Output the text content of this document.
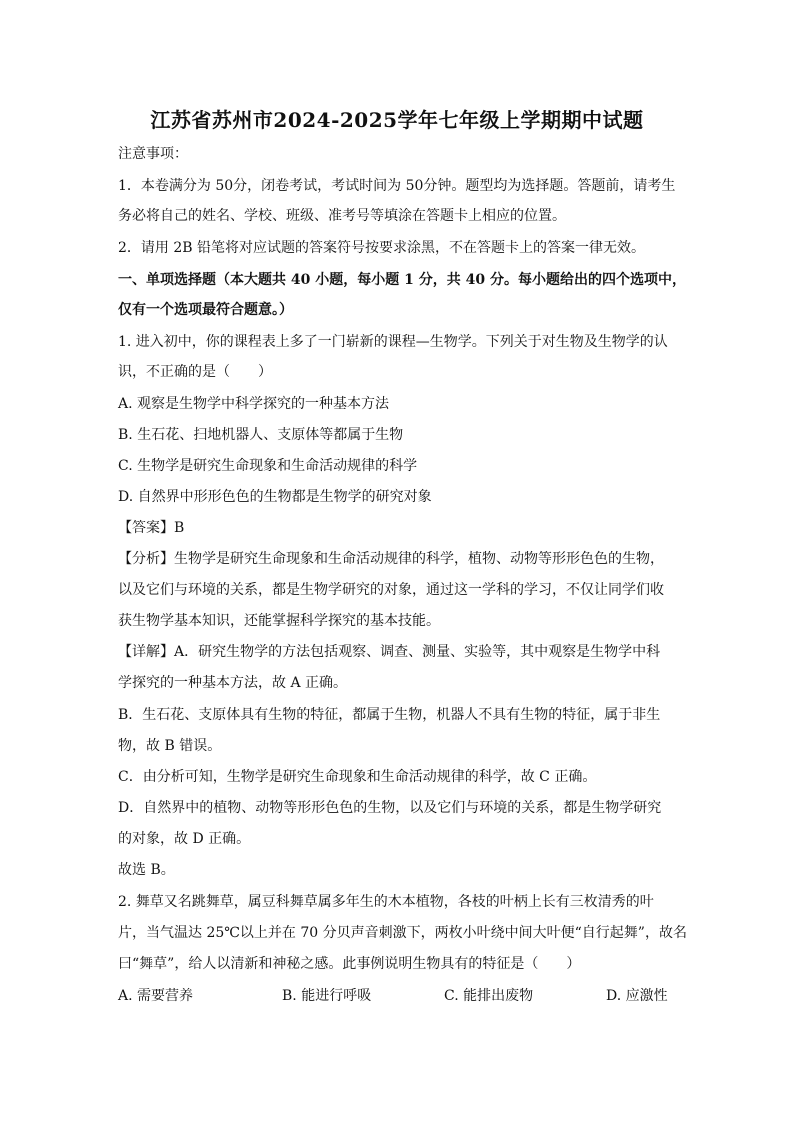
江苏省苏州市2024-2025学年七年级上学期期中试题
注意事项：
1．本卷满分为 50分，闭卷考试，考试时间为 50分钟。题型均为选择题。答题前，请考生
务必将自己的姓名、学校、班级、准考号等填涂在答题卡上相应的位置。
2．请用 2B 铅笔将对应试题的答案符号按要求涂黑，不在答题卡上的答案一律无效。
一、单项选择题（本大题共 40 小题，每小题 1 分，共 40 分。每小题给出的四个选项中，
仅有一个选项最符合题意。）
1. 进入初中，你的课程表上多了一门崭新的课程—生物学。下列关于对生物及生物学的认
识，不正确的是（　　）
A. 观察是生物学中科学探究的一种基本方法
B. 生石花、扫地机器人、支原体等都属于生物
C. 生物学是研究生命现象和生命活动规律的科学
D. 自然界中形形色色的生物都是生物学的研究对象
【答案】B
【分析】生物学是研究生命现象和生命活动规律的科学，植物、动物等形形色色的生物，
以及它们与环境的关系，都是生物学研究的对象，通过这一学科的学习，不仅让同学们收
获生物学基本知识，还能掌握科学探究的基本技能。
【详解】A．研究生物学的方法包括观察、调查、测量、实验等，其中观察是生物学中科
学探究的一种基本方法，故 A 正确。
B．生石花、支原体具有生物的特征，都属于生物，机器人不具有生物的特征，属于非生
物，故 B 错误。
C．由分析可知，生物学是研究生命现象和生命活动规律的科学，故 C 正确。
D．自然界中的植物、动物等形形色色的生物，以及它们与环境的关系，都是生物学研究
的对象，故 D 正确。
故选 B。
2. 舞草又名跳舞草，属豆科舞草属多年生的木本植物，各枝的叶柄上长有三枚清秀的叶
片，当气温达 25℃以上并在 70 分贝声音刺激下，两枚小叶绕中间大叶便“自行起舞”，故名
曰“舞草”，给人以清新和神秘之感。此事例说明生物具有的特征是（　　）
A. 需要营养	B. 能进行呼吸	C. 能排出废物	D. 应激性
